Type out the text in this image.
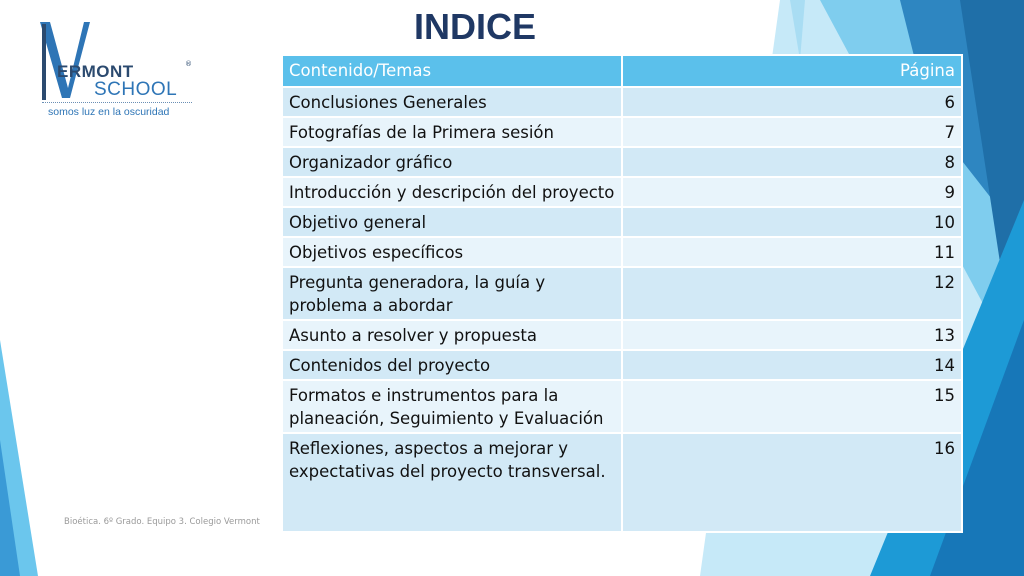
ERMONT	®
SCHOOL
somos luz en la oscuridad
INDICE
Contenido/Temas	Página
Conclusiones Generales	6
Fotografías de la Primera sesión	7
Organizador gráfico	8
Introducción y descripción del proyecto	9
Objetivo general	10
Objetivos específicos	11
Pregunta generadora, la guía y problema a abordar	12
Asunto a resolver y propuesta	13
Contenidos del proyecto	14
Formatos e instrumentos para la planeación, Seguimiento y Evaluación	15
Reflexiones, aspectos a mejorar y expectativas del proyecto transversal.	16
Bioética. 6º Grado. Equipo 3. Colegio Vermont
